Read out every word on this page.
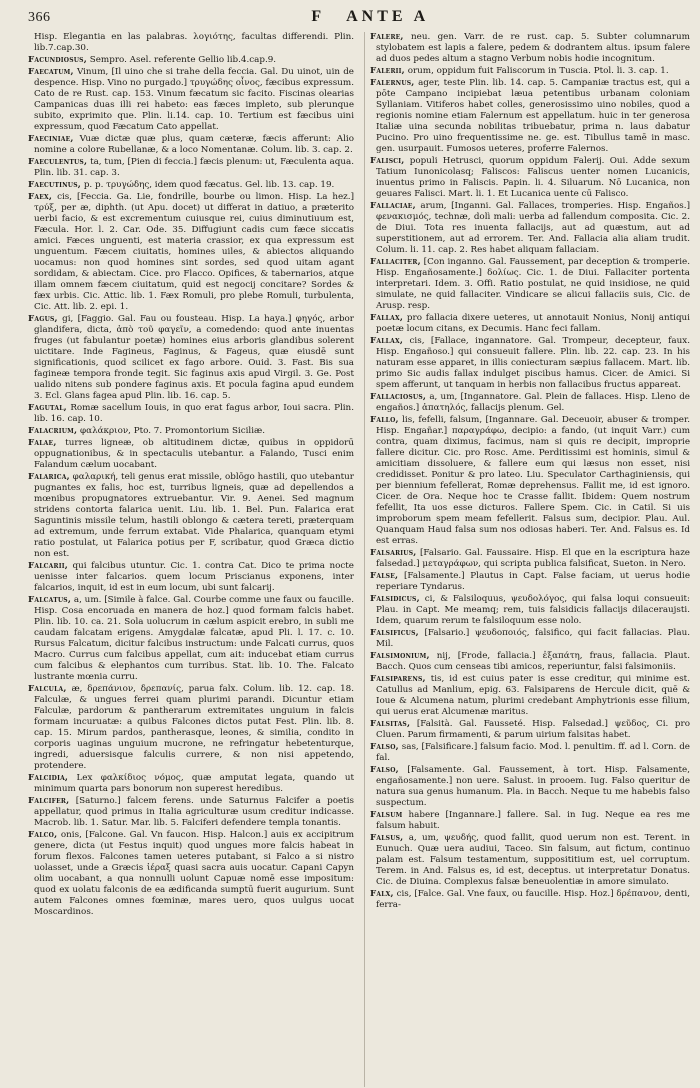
366	F	ANTE A

Hisp. Elegantia en las palabras. λογιότης, facultas differendi. Plin. lib.7.cap.30.

Facundiosus, Sempro. Asel. referente Gellio lib.4.cap.9.

Faecatum, Vinum, [Il uino che si trahe della feccia. Gal. Du uinot, uin de despence. Hisp. Vino no purgado.] τρυγώδης οἶνος, fæcibus expressum. Cato de re Rust. cap. 153. Vinum fæcatum sic facito. Fiscinas olearias Campanicas duas illi rei habeto: eas fæces impleto, sub plerunque subito, exprimito que. Plin. li.14. cap. 10. Tertium est fæcibus uini expressum, quod Fæcatum Cato appellat.

Faeciniae, Vuæ dictæ quæ plus, quam cæteræ, fæcis afferunt: Alio nomine a colore Rubellanæ, & a loco Nomentanæ. Colum. lib. 3. cap. 2.

Faeculentus, ta, tum, [Pien di feccia.] fæcis plenum: ut, Fæculenta aqua. Plin. lib. 31. cap. 3.

Faecutinus, p. p. τρυγώδης, idem quod fæcatus. Gel. lib. 13. cap. 19.

Faex, cis, [Feccia. Ga. Lie, fondrille, bourbe ou limon. Hisp. La hez.] τρύξ, per æ, diphth. (ut Apu. docet) ut differat in datiuo, a præterito uerbi facio, & est excrementum cuiusque rei, cuius diminutiuum est, Fæcula. Hor. l. 2. Car. Ode. 35. Diffugiunt cadis cum fæce siccatis amici. Fæces unguenti, est materia crassior, ex qua expressum est unguentum. Fæcem ciuitatis, homines uiles, & abiectos aliquando uocamus: non quod homines sint sordes, sed quod uitam agant sordidam, & abiectam. Cice. pro Flacco. Opifices, & tabernarios, atque illam omnem fæcem ciuitatum, quid est negocij concitare? Sordes & fæx urbis. Cic. Attic. lib. 1. Fæx Romuli, pro plebe Romuli, turbulenta, Cic. Att. lib. 2. epi. 1.

Fagus, gi, [Faggio. Gal. Fau ou fousteau. Hisp. La haya.] φηγός, arbor glandifera, dicta, ἀπὸ τοῦ φαγεῖν, a comedendo: quod ante inuentas fruges (ut fabulantur poetæ) homines eius arboris glandibus solerent uictitare. Inde Fagineus, Faginus, & Fageus, quæ eiusdē sunt significationis, quod scilicet ex fago arbore. Ouid. 3. Fast. Bis sua fagineæ tempora fronde tegit. Sic faginus axis apud Virgil. 3. Ge. Post ualido nitens sub pondere faginus axis. Et pocula fagina apud eundem 3. Ecl. Glans fagea apud Plin. lib. 16. cap. 5.

Fagutal, Romæ sacellum Iouis, in quo erat fagus arbor, Ioui sacra. Plin. lib. 16. cap. 10.

Falacrium, φαλάκριον, Pto. 7. Promontorium Siciliæ.

Falae, turres ligneæ, ob altitudinem dictæ, quibus in oppidorū oppugnationibus, & in spectaculis utebantur. a Falando, Tusci enim Falandum cælum uocabant.

Falarica, φαλαρική, teli genus erat missile, oblōgo hastili, quo utebantur pugnantes ex falis, hoc est, turribus ligneis, quæ ad depellendos a mœnibus propugnatores extruebantur. Vir. 9. Aenei. Sed magnum stridens contorta falarica uenit. Liu. lib. 1. Bel. Pun. Falarica erat Saguntinis missile telum, hastili oblongo & cætera tereti, præterquam ad extremum, unde ferrum extabat. Vide Phalarica, quanquam etymi ratio postulat, ut Falarica potius per F, scribatur, quod Græca dictio non est.

Falcarii, qui falcibus utuntur. Cic. 1. contra Cat. Dico te prima nocte uenisse inter falcarios. quem locum Priscianus exponens, inter falcarios, inquit, id est in eum locum, ubi sunt falcarij.

Falcatus, a, um. [Simile à falce. Gal. Courbe comme une faux ou faucille. Hisp. Cosa encoruada en manera de hoz.] quod formam falcis habet. Plin. lib. 10. ca. 21. Sola uolucrum in cælum aspicit erebro, in subli me caudam falcatam erigens. Amygdalæ falcatæ, apud Pli. l. 17. c. 10. Rursus Falcatum, dicitur falcibus instructum: unde Falcati currus, quos Macro. Currus cum falcibus appellat, cum ait: inducebat etiam currus cum falcibus & elephantos cum turribus. Stat. lib. 10. The. Falcato lustrante mœnia curru.

Falcula, æ, δρεπάνιον, δρεπανίς, parua falx. Colum. lib. 12. cap. 18. Falculæ, & ungues ferrei quam plurimi parandi. Dicuntur etiam Falculæ, pardorum & pantherarum extremitates unguium in falcis formam incuruatæ: a quibus Falcones dictos putat Fest. Plin. lib. 8. cap. 15. Mirum pardos, pantherasque, leones, & similia, condito in corporis uaginas unguium mucrone, ne refringatur hebetenturque, ingredi, aduersisque falculis currere, & non nisi appetendo, protendere.

Falcidia, Lex φαλκίδιος νόμος, quæ amputat legata, quando ut minimum quarta pars bonorum non superest heredibus.

Falcifer, [Saturno.] falcem ferens. unde Saturnus Falcifer a poetis appellatur, quod primus in Italia agriculturæ usum creditur indicasse. Macrob. lib. 1. Satur. Mar. lib. 5. Falciferi defendere templa tonantis.

Falco, onis, [Falcone. Gal. Vn faucon. Hisp. Halcon.] auis ex accipitrum genere, dicta (ut Festus inquit) quod ungues more falcis habeat in forum flexos. Falcones tamen ueteres putabant, si Falco a si nistro uolasset, unde a Græcis ἱέραξ quasi sacra auis uocatur. Capani Capyn olim uocabant, a qua nonnulli uolunt Capuæ nomē esse impositum: quod ex uolatu falconis de ea ædificanda sumptū fuerit augurium. Sunt autem Falcones omnes fœminæ, mares uero, quos uulgus uocat Moscardinos.

Falere, neu. gen. Varr. de re rust. cap. 5. Subter columnarum stylobatem est lapis a falere, pedem & dodrantem altus. ipsum falere ad duos pedes altum a stagno Verbum nobis hodie incognitum.

Falerii, orum, oppidum fuit Faliscorum in Tuscia. Ptol. li. 3. cap. 1.

Falernus, ager, teste Plin. lib. 14. cap. 5. Campaniæ tractus est, qui a pōte Campano incipiebat læua petentibus urbanam coloniam Syllaniam. Vitiferos habet colles, generosissimo uino nobiles, quod a regionis nomine etiam Falernum est appellatum. huic in ter generosa Italiæ uina secunda nobilitas tribuebatur, prima n. laus dabatur Pucino. Pro uino frequentissime ne. ge. est. Tibullus tamē in masc. gen. usurpauit. Fumosos ueteres, proferre Falernos.

Falisci, populi Hetrusci, quorum oppidum Falerij. Oui. Adde sexum Tatium Iunonicolasq; Faliscos: Faliscus uenter nomen Lucanicis, inuentus primo in Faliscis. Papin. li. 4. Siluarum. Nō Lucanica, non geuares Falisci. Mart. li. 1. Et Lucanica uente cū Falisco.

Fallaciae, arum, [Inganni. Gal. Fallaces, tromperies. Hisp. Engaños.] φενακισμός, technæ, dolì mali: uerba ad fallendum composita. Cic. 2. de Diui. Tota res inuenta fallacijs, aut ad quæstum, aut ad superstitionem, aut ad errorem. Ter. And. Fallacia alia aliam trudit. Colum. li. 11. cap. 2. Res habet aliquam fallaciam.

Fallaciter, [Con inganno. Gal. Faussement, par deception & tromperie. Hisp. Engañosamente.] δολίως. Cic. 1. de Diui. Fallaciter portenta interpretari. Idem. 3. Offi. Ratio postulat, ne quid insidiose, ne quid simulate, ne quid fallaciter. Vindicare se alicui fallaciis suis, Cic. de Arusp. resp.

Fallax, pro fallacia dixere ueteres, ut annotauit Nonius, Nonij antiqui poetæ locum citans, ex Decumis. Hanc feci fallam.

Fallax, cis, [Fallace, ingannatore. Gal. Trompeur, decepteur, faux. Hisp. Engañoso.] qui consueuit fallere. Plin. lib. 22. cap. 23. In his naturam esse apparet, in illis coniecturam sæpius fallacem. Mart. lib. primo Sic audis fallax indulget piscibus hamus. Cicer. de Amici. Si spem afferunt, ut tanquam in herbis non fallacibus fructus appareat.

Fallaciosus, a, um, [Ingannatore. Gal. Plein de fallaces. Hisp. Lleno de engaños.] ἀπατηλός, fallacijs plenum. Gel.

Fallo, lis, fefelli, falsum, [Ingannare. Gal. Deceuoir, abuser & tromper. Hisp. Engañar.] παραγράφω, decipio: a fando, (ut inquit Varr.) cum contra, quam diximus, facimus, nam si quis re decipit, improprie fallere dicitur. Cic. pro Rosc. Ame. Perditissimi est hominis, simul & amicitiam dissoluere, & fallere eum qui læsus non esset, nisi credidisset. Ponitur & pro lateo. Liu. Speculator Carthaginiensis, qui per biennium fefellerat, Romæ deprehensus. Fallit me, id est ignoro. Cicer. de Ora. Neque hoc te Crasse fallit. Ibidem: Quem nostrum fefellit, Ita uos esse dicturos. Fallere Spem. Cic. in Catil. Si uis improborum spem meam fefellerit. Falsus sum, decipior. Plau. Aul. Quanquam Haud falsa sum nos odiosas haberi. Ter. And. Falsus es. Id est erras.

Falsarius, [Falsario. Gal. Faussaire. Hisp. El que en la escriptura haze falsedad.] μεταγράφων, qui scripta publica falsificat, Sueton. in Nero.

False, [Falsamente.] Plautus in Capt. False faciam, ut uerus hodie reperiare Tyndarus.

Falsidicus, ci, & Falsiloquus, ψευδολόγος, qui falsa loqui consueuit: Plau. in Capt. Me meamq; rem, tuis falsidicis fallacijs dilaceraujsti. Idem, quarum rerum te falsiloquum esse nolo.

Falsificus, [Falsario.] ψευδοποιός, falsifico, qui facit fallacias. Plau. Mil.

Falsimonium, nij, [Frode, fallacia.] ἐξαπάτη, fraus, fallacia. Plaut. Bacch. Quos cum censeas tibi amicos, reperiuntur, falsi falsimoniis.

Falsiparens, tis, id est cuius pater is esse creditur, qui minime est. Catullus ad Manlium, epig. 63. Falsiparens de Hercule dicit, quē & Ioue & Alcumena natum, plurimi credebant Amphytrionis esse filium, qui uerus erat Alcumenæ maritus.

Falsitas, [Falsità. Gal. Fausseté. Hisp. Falsedad.] ψεῦδος, Ci. pro Cluen. Parum firmamenti, & parum uirium falsitas habet.

Falso, sas, [Falsificare.] falsum facio. Mod. l. penultim. ff. ad l. Corn. de fal.

Falso, [Falsamente. Gal. Faussement, à tort. Hisp. Falsamente, engañosamente.] non uere. Salust. in prooem. Iug. Falso queritur de natura sua genus humanum. Pla. in Bacch. Neque tu me habebis falso suspectum.

Falsum habere [Ingannare.] fallere. Sal. in Iug. Neque ea res me falsum habuit.

Falsus, a, um, ψευδής, quod fallit, quod uerum non est. Terent. in Eunuch. Quæ uera audiui, Taceo. Sin falsum, aut fictum, continuo palam est. Falsum testamentum, supposititium est, uel corruptum. Terem. in And. Falsus es, id est, deceptus. ut interpretatur Donatus. Cic. de Diuina. Complexus falsæ beneuolentiæ in amore simulato.

Falx, cis, [Falce. Gal. Vne faux, ou faucille. Hisp. Hoz.] δρέπανον, denti, ferra-
